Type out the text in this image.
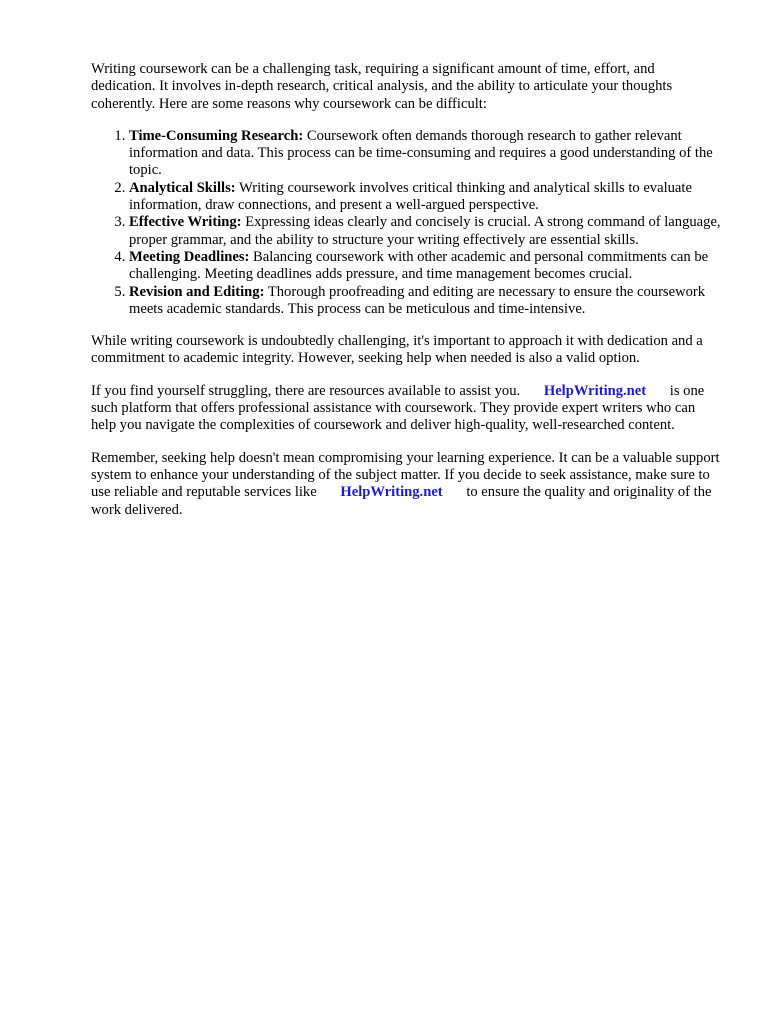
Writing coursework can be a challenging task, requiring a significant amount of time, effort, and dedication. It involves in-depth research, critical analysis, and the ability to articulate your thoughts coherently. Here are some reasons why coursework can be difficult:

1. Time-Consuming Research: Coursework often demands thorough research to gather relevant information and data. This process can be time-consuming and requires a good understanding of the topic.
2. Analytical Skills: Writing coursework involves critical thinking and analytical skills to evaluate information, draw connections, and present a well-argued perspective.
3. Effective Writing: Expressing ideas clearly and concisely is crucial. A strong command of language, proper grammar, and the ability to structure your writing effectively are essential skills.
4. Meeting Deadlines: Balancing coursework with other academic and personal commitments can be challenging. Meeting deadlines adds pressure, and time management becomes crucial.
5. Revision and Editing: Thorough proofreading and editing are necessary to ensure the coursework meets academic standards. This process can be meticulous and time-intensive.

While writing coursework is undoubtedly challenging, it's important to approach it with dedication and a commitment to academic integrity. However, seeking help when needed is also a valid option.

If you find yourself struggling, there are resources available to assist you. HelpWriting.net is one such platform that offers professional assistance with coursework. They provide expert writers who can help you navigate the complexities of coursework and deliver high-quality, well-researched content.

Remember, seeking help doesn't mean compromising your learning experience. It can be a valuable support system to enhance your understanding of the subject matter. If you decide to seek assistance, make sure to use reliable and reputable services like HelpWriting.net to ensure the quality and originality of the work delivered.
